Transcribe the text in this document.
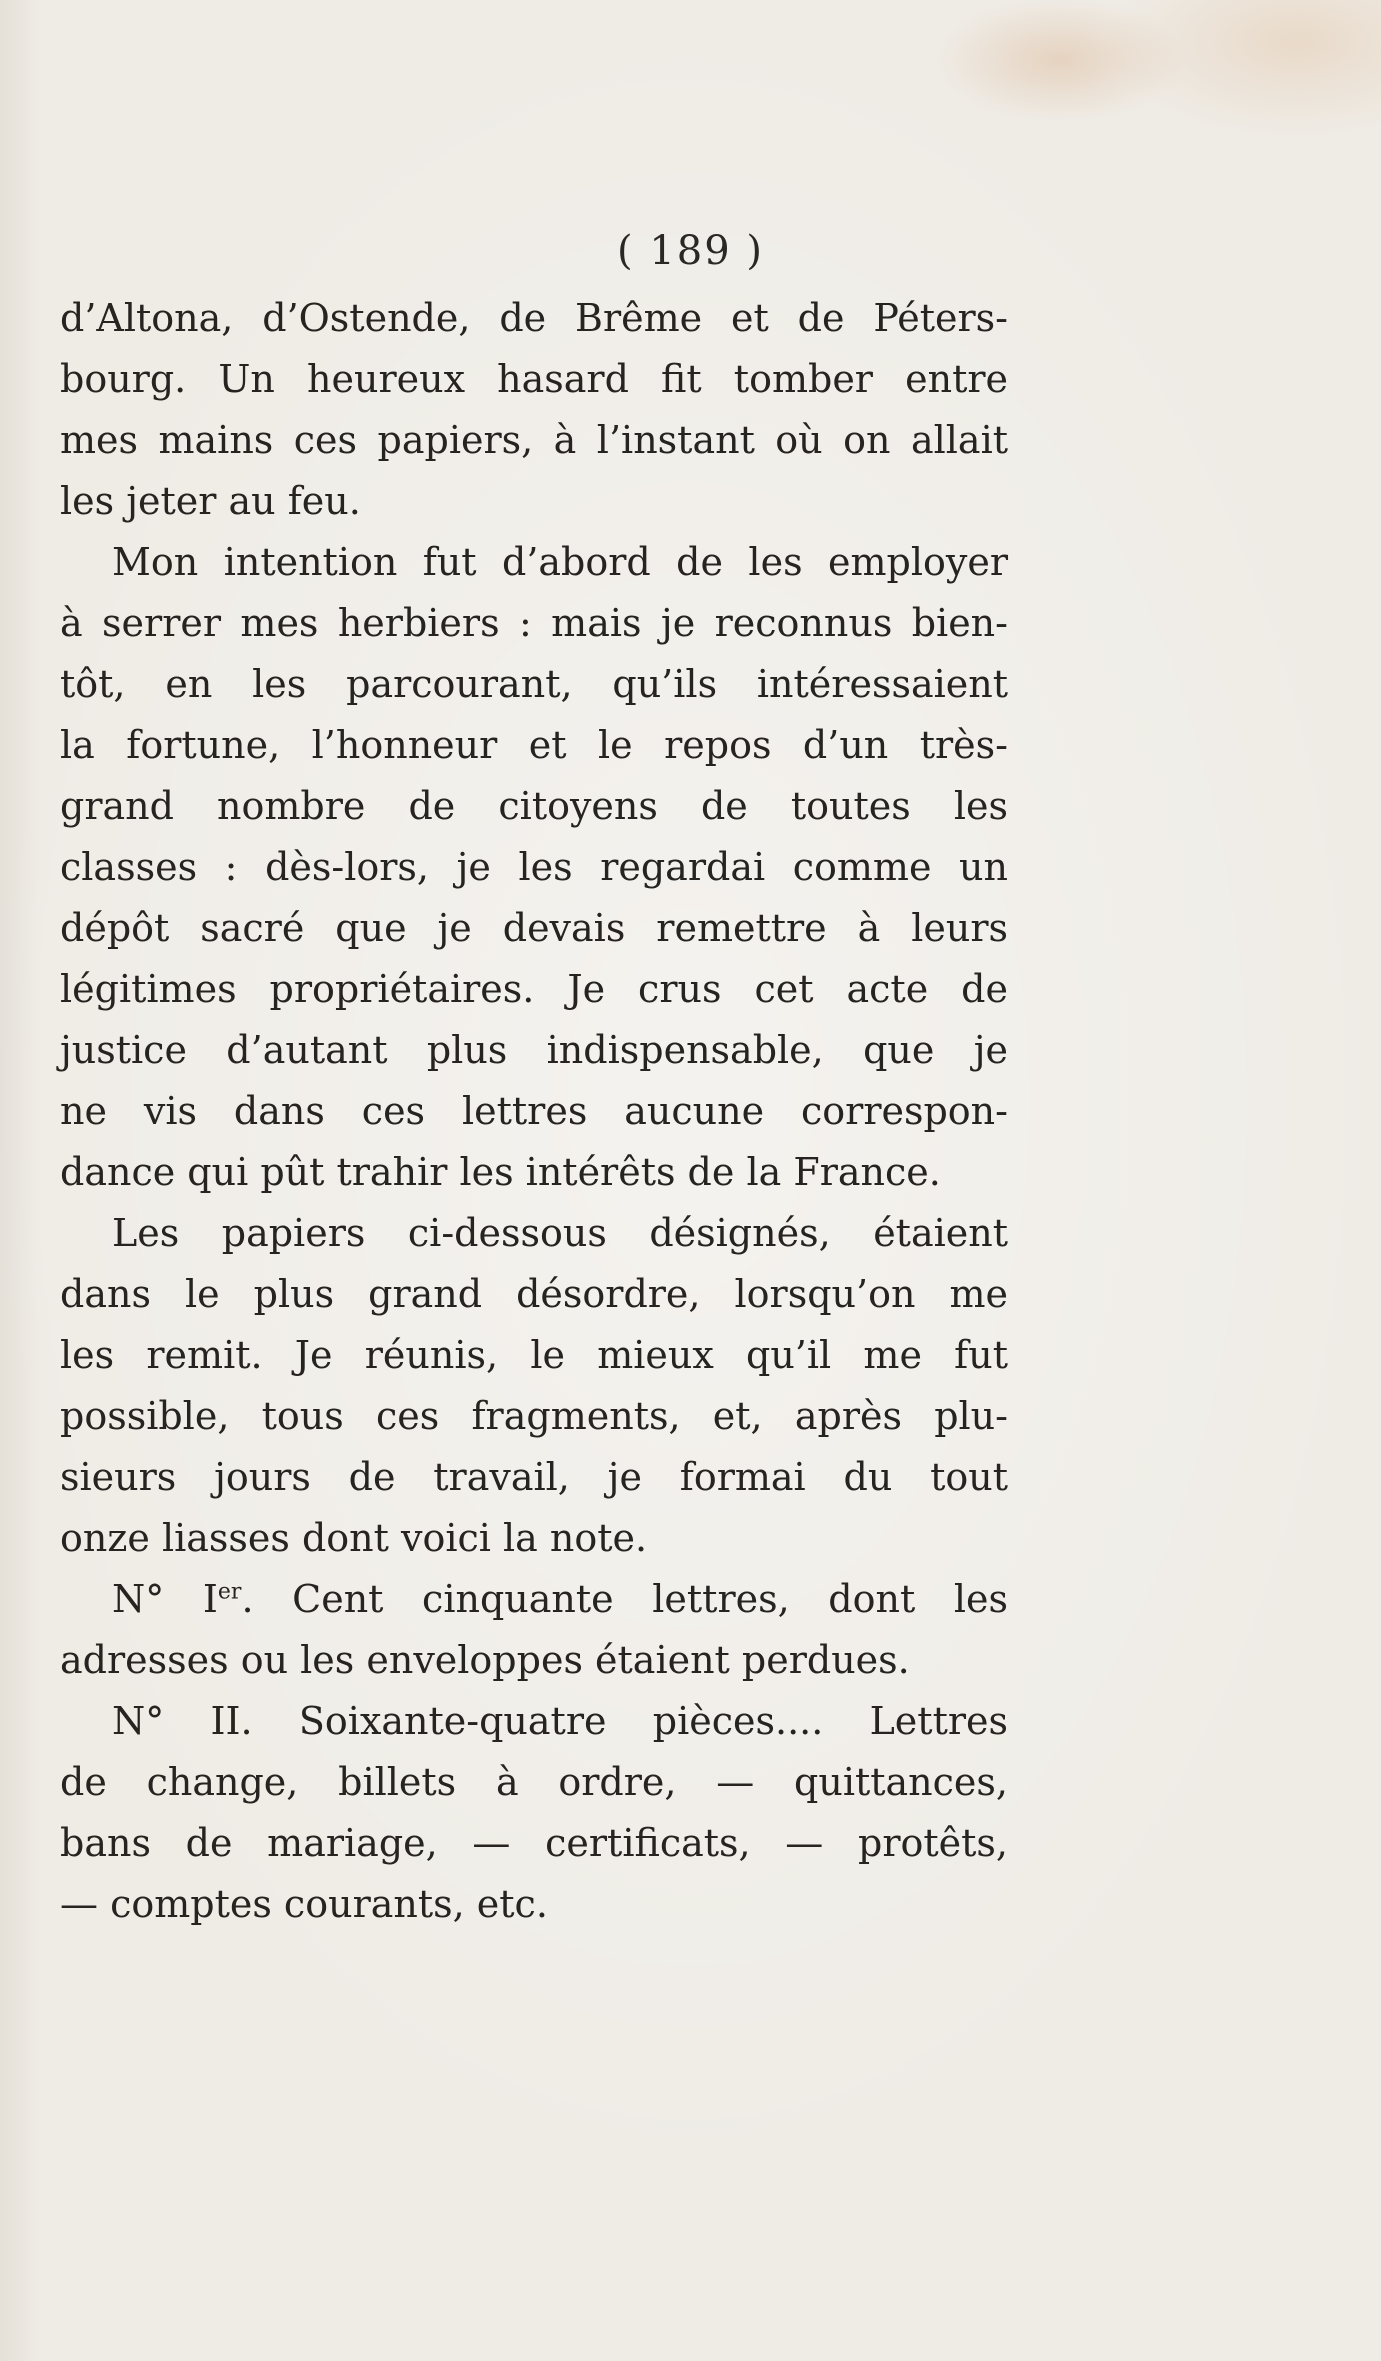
( 189 )
d’Altona, d’Ostende, de Brême et de Péters-
bourg. Un heureux hasard fit tomber entre
mes mains ces papiers, à l’instant où on allait
les jeter au feu.
Mon intention fut d’abord de les employer
à serrer mes herbiers : mais je reconnus bien-
tôt, en les parcourant, qu’ils intéressaient
la fortune, l’honneur et le repos d’un très-
grand nombre de citoyens de toutes les
classes : dès-lors, je les regardai comme un
dépôt sacré que je devais remettre à leurs
légitimes propriétaires. Je crus cet acte de
justice d’autant plus indispensable, que je
ne vis dans ces lettres aucune correspon-
dance qui pût trahir les intérêts de la France.
Les papiers ci-dessous désignés, étaient
dans le plus grand désordre, lorsqu’on me
les remit. Je réunis, le mieux qu’il me fut
possible, tous ces fragments, et, après plu-
sieurs jours de travail, je formai du tout
onze liasses dont voici la note.
N° Ier. Cent cinquante lettres, dont les
adresses ou les enveloppes étaient perdues.
N° II. Soixante-quatre pièces.... Lettres
de change, billets à ordre, — quittances,
bans de mariage, — certificats, — protêts,
— comptes courants, etc.
